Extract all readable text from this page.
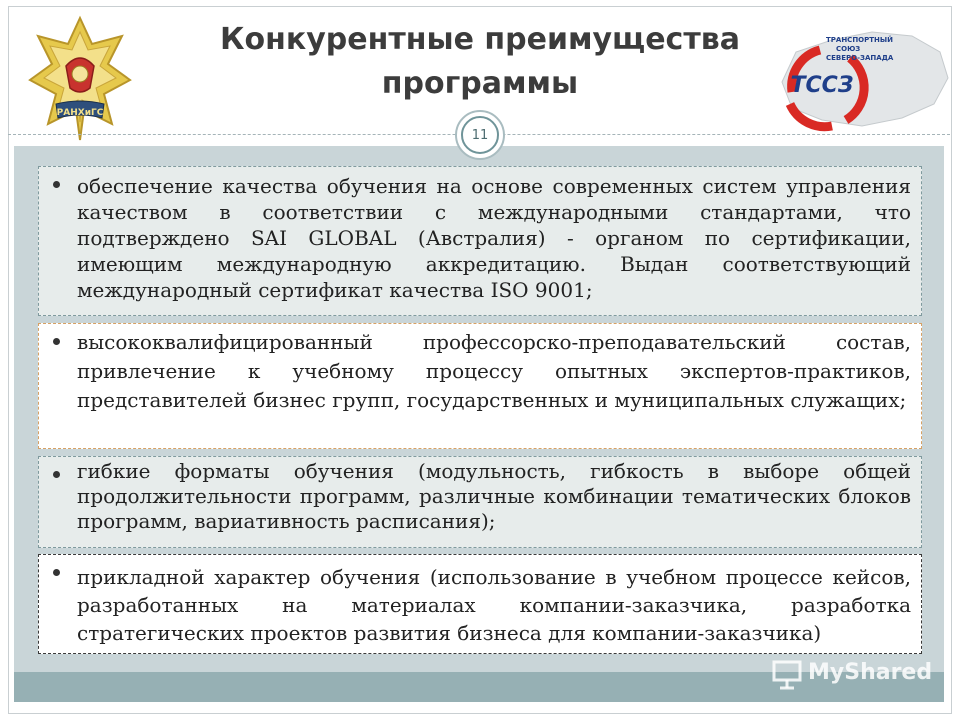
РАНХиГС
Конкурентные преимущества
программы	ТССЗ
ТРАНСПОРТНЫЙ
СОЮЗ
СЕВЕРО-ЗАПАДА
11
обеспечение качества обучения на основе современных систем управления качеством в соответствии с международными стандартами, что подтверждено SAI GLOBAL (Австралия) - органом по сертификации, имеющим международную аккредитацию. Выдан соответствующий международный сертификат качества ISO 9001;
высококвалифицированный профессорско-преподавательский состав, привлечение к учебному процессу опытных экспертов-практиков, представителей бизнес групп, государственных и муниципальных служащих;
гибкие форматы обучения (модульность, гибкость в выборе общей продолжительности программ, различные комбинации тематических блоков программ, вариативность расписания);
прикладной характер обучения (использование в учебном процессе кейсов, разработанных на материалах компании-заказчика, разработка стратегических проектов развития бизнеса для компании-заказчика)
MyShared
